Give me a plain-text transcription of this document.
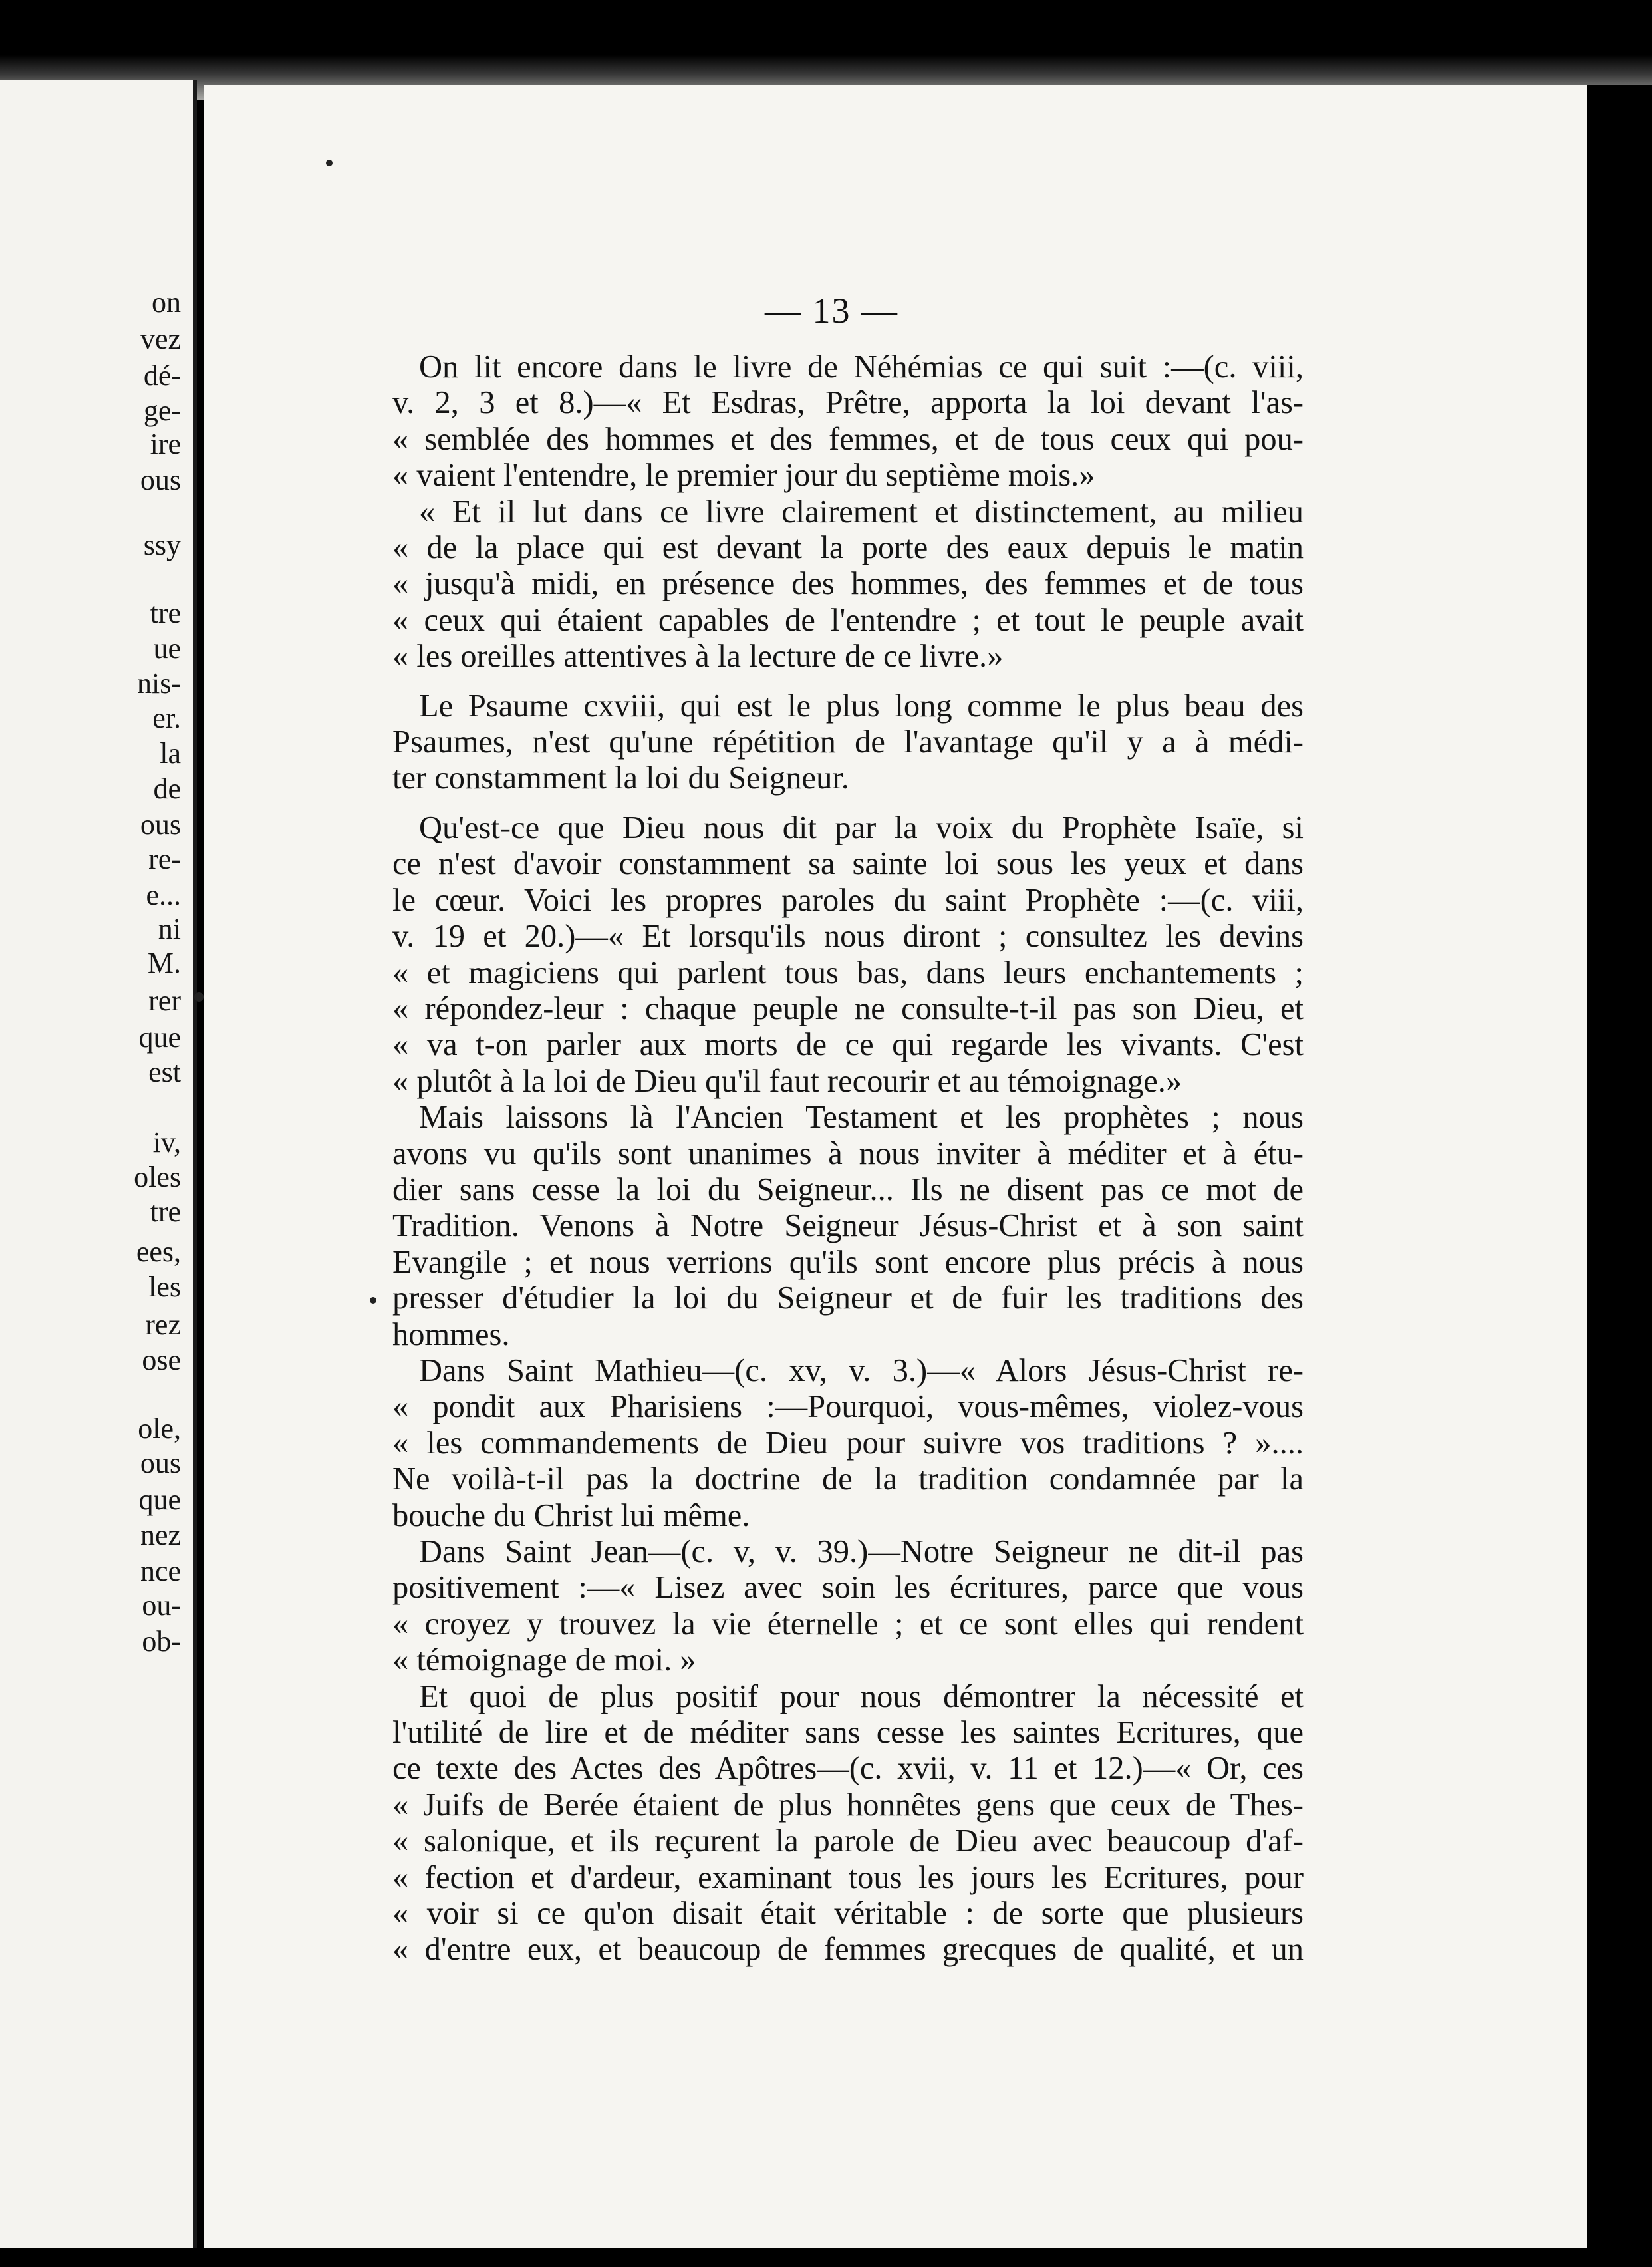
on
vez
dé-
ge-
ire
ous
ssy
tre
ue
nis-
er.
la
de
ous
re-
e...
ni
M.
rer
que
est
iv,
oles
tre
ees,
les
rez
ose
ole,
ous
que
nez
nce
ou-
ob-
— 13 —
On lit encore dans le livre de Néhémias ce qui suit :—(c. viii,
v. 2, 3 et 8.)—« Et Esdras, Prêtre, apporta la loi devant l'as-
« semblée des hommes et des femmes, et de tous ceux qui pou-
« vaient l'entendre, le premier jour du septième mois.»
« Et il lut dans ce livre clairement et distinctement, au milieu
« de la place qui est devant la porte des eaux depuis le matin
« jusqu'à midi, en présence des hommes, des femmes et de tous
« ceux qui étaient capables de l'entendre ; et tout le peuple avait
« les oreilles attentives à la lecture de ce livre.»
Le Psaume cxviii, qui est le plus long comme le plus beau des
Psaumes, n'est qu'une répétition de l'avantage qu'il y a à médi-
ter constamment la loi du Seigneur.
Qu'est-ce que Dieu nous dit par la voix du Prophète Isaïe, si
ce n'est d'avoir constamment sa sainte loi sous les yeux et dans
le cœur. Voici les propres paroles du saint Prophète :—(c. viii,
v. 19 et 20.)—« Et lorsqu'ils nous diront ; consultez les devins
« et magiciens qui parlent tous bas, dans leurs enchantements ;
« répondez-leur : chaque peuple ne consulte-t-il pas son Dieu, et
« va t-on parler aux morts de ce qui regarde les vivants. C'est
« plutôt à la loi de Dieu qu'il faut recourir et au témoignage.»
Mais laissons là l'Ancien Testament et les prophètes ; nous
avons vu qu'ils sont unanimes à nous inviter à méditer et à étu-
dier sans cesse la loi du Seigneur... Ils ne disent pas ce mot de
Tradition. Venons à Notre Seigneur Jésus-Christ et à son saint
Evangile ; et nous verrions qu'ils sont encore plus précis à nous
presser d'étudier la loi du Seigneur et de fuir les traditions des
hommes.
Dans Saint Mathieu—(c. xv, v. 3.)—« Alors Jésus-Christ re-
« pondit aux Pharisiens :—Pourquoi, vous-mêmes, violez-vous
« les commandements de Dieu pour suivre vos traditions ? »....
Ne voilà-t-il pas la doctrine de la tradition condamnée par la
bouche du Christ lui même.
Dans Saint Jean—(c. v, v. 39.)—Notre Seigneur ne dit-il pas
positivement :—« Lisez avec soin les écritures, parce que vous
« croyez y trouvez la vie éternelle ; et ce sont elles qui rendent
« témoignage de moi. »
Et quoi de plus positif pour nous démontrer la nécessité et
l'utilité de lire et de méditer sans cesse les saintes Ecritures, que
ce texte des Actes des Apôtres—(c. xvii, v. 11 et 12.)—« Or, ces
« Juifs de Berée étaient de plus honnêtes gens que ceux de Thes-
« salonique, et ils reçurent la parole de Dieu avec beaucoup d'af-
« fection et d'ardeur, examinant tous les jours les Ecritures, pour
« voir si ce qu'on disait était véritable : de sorte que plusieurs
« d'entre eux, et beaucoup de femmes grecques de qualité, et un
